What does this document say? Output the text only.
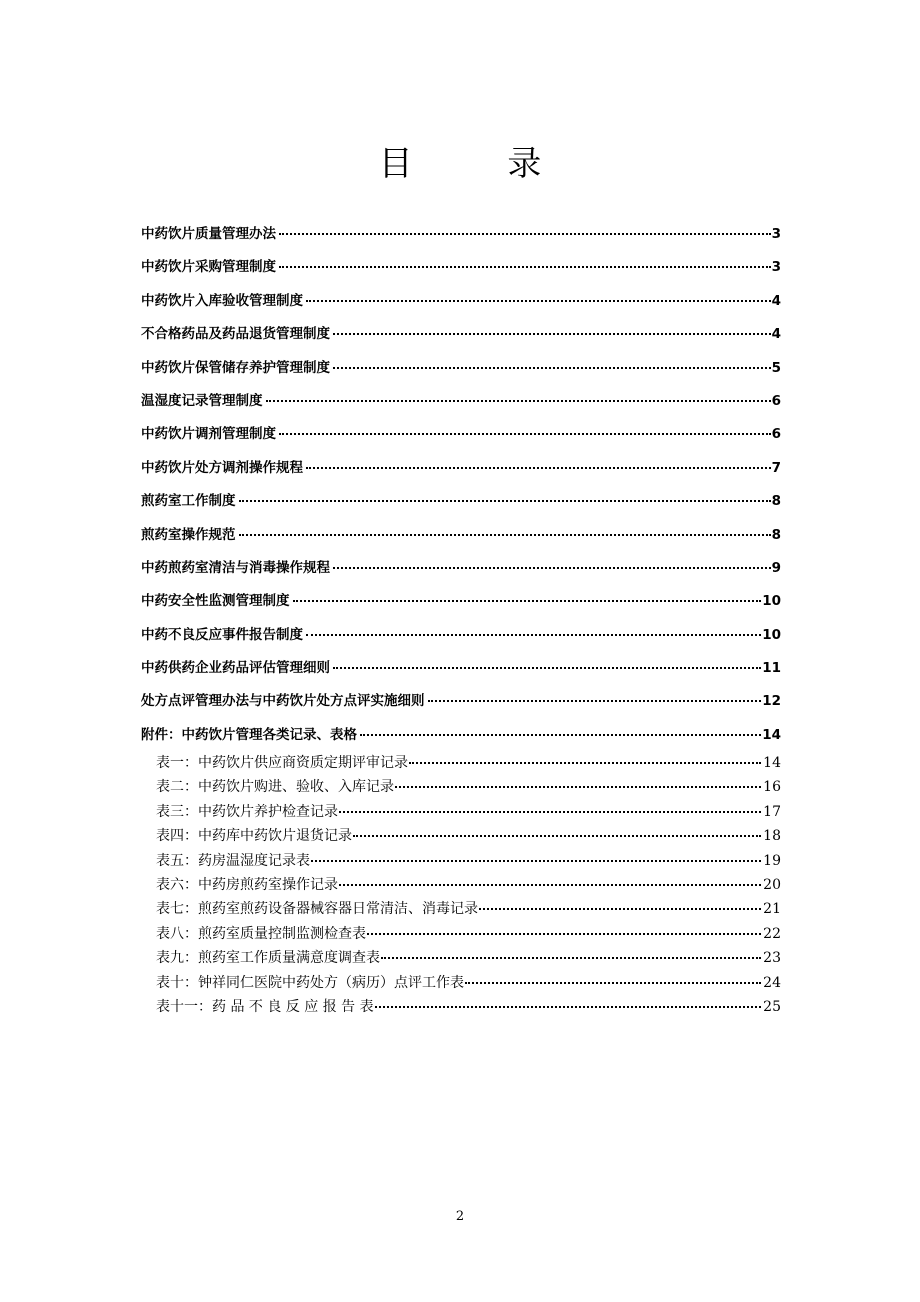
目 录
中药饮片质量管理办法	3
中药饮片采购管理制度	3
中药饮片入库验收管理制度	4
不合格药品及药品退货管理制度	4
中药饮片保管储存养护管理制度	5
温湿度记录管理制度	6
中药饮片调剂管理制度	6
中药饮片处方调剂操作规程	7
煎药室工作制度	8
煎药室操作规范	8
中药煎药室清洁与消毒操作规程	9
中药安全性监测管理制度	10
中药不良反应事件报告制度	10
中药供药企业药品评估管理细则	11
处方点评管理办法与中药饮片处方点评实施细则	12
附件：中药饮片管理各类记录、表格	14
表一：中药饮片供应商资质定期评审记录	14
表二：中药饮片购进、验收、入库记录	16
表三：中药饮片养护检查记录	17
表四：中药库中药饮片退货记录	18
表五：药房温湿度记录表	19
表六：中药房煎药室操作记录	20
表七：煎药室煎药设备器械容器日常清洁、消毒记录	21
表八：煎药室质量控制监测检查表	22
表九：煎药室工作质量满意度调查表	23
表十：钟祥同仁医院中药处方（病历）点评工作表	24
表十一：药 品 不 良 反 应 报 告 表	25
2
